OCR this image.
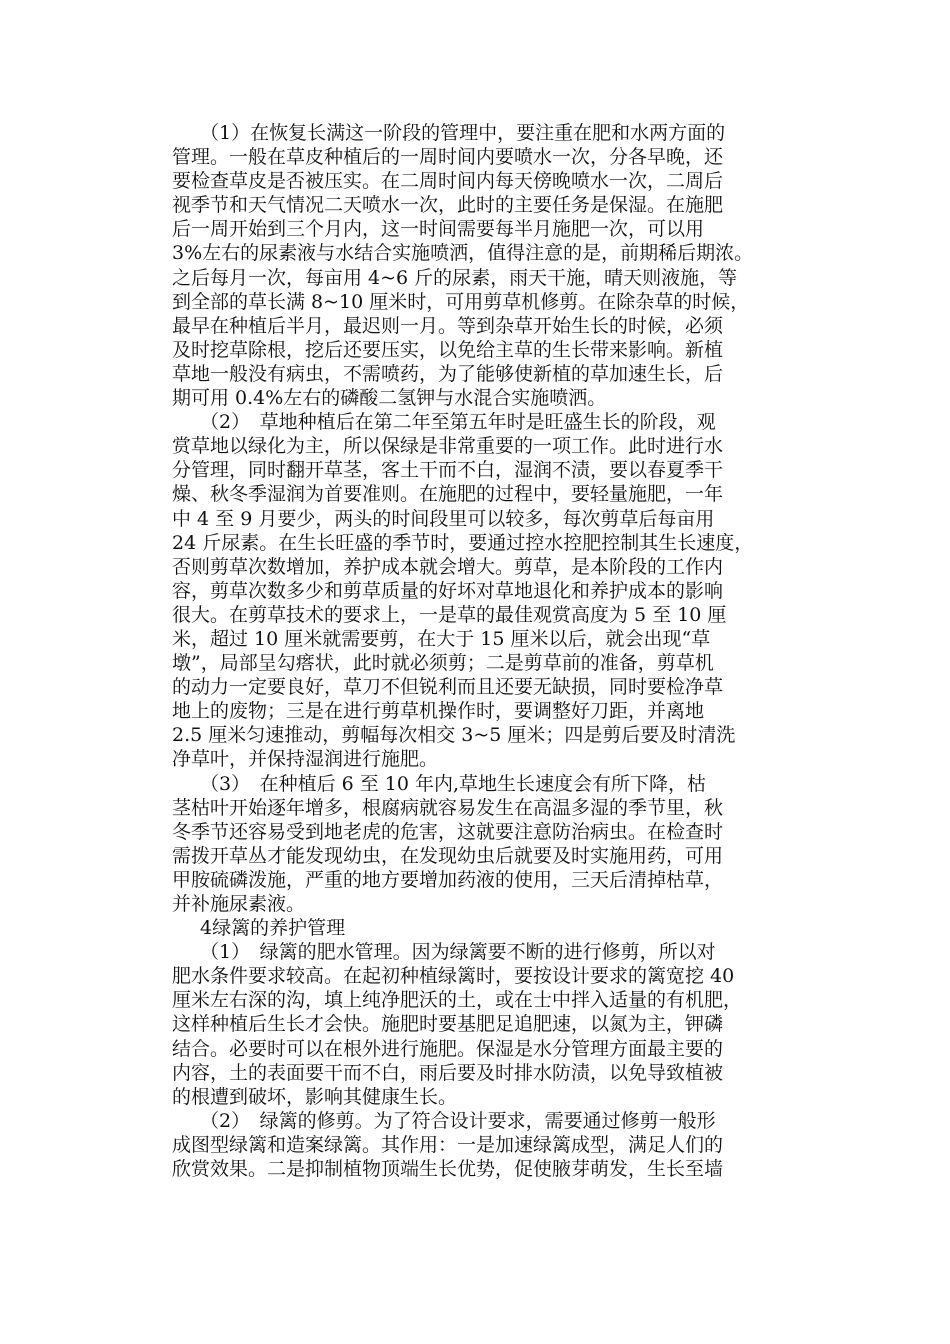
（1）在恢复长满这一阶段的管理中，要注重在肥和水两方面的
管理。一般在草皮种植后的一周时间内要喷水一次，分各早晚，还
要检查草皮是否被压实。在二周时间内每天傍晚喷水一次，二周后
视季节和天气情况二天喷水一次，此时的主要任务是保湿。在施肥
后一周开始到三个月内，这一时间需要每半月施肥一次，可以用
3%左右的尿素液与水结合实施喷洒，值得注意的是，前期稀后期浓。
之后每月一次，每亩用 4~6 斤的尿素，雨天干施，晴天则液施，等
到全部的草长满 8~10 厘米时，可用剪草机修剪。在除杂草的时候，
最早在种植后半月，最迟则一月。等到杂草开始生长的时候，必须
及时挖草除根，挖后还要压实，以免给主草的生长带来影响。新植
草地一般没有病虫，不需喷药，为了能够使新植的草加速生长，后
期可用 0.4%左右的磷酸二氢钾与水混合实施喷洒。
（2）　草地种植后在第二年至第五年时是旺盛生长的阶段，观
赏草地以绿化为主，所以保绿是非常重要的一项工作。此时进行水
分管理，同时翻开草茎，客土干而不白，湿润不渍，要以春夏季干
燥、秋冬季湿润为首要准则。在施肥的过程中，要轻量施肥，一年
中 4 至 9 月要少，两头的时间段里可以较多，每次剪草后每亩用
24 斤尿素。在生长旺盛的季节时，要通过控水控肥控制其生长速度，
否则剪草次数增加，养护成本就会增大。剪草，是本阶段的工作内
容，剪草次数多少和剪草质量的好坏对草地退化和养护成本的影响
很大。在剪草技术的要求上，一是草的最佳观赏高度为 5 至 10 厘
米，超过 10 厘米就需要剪，在大于 15 厘米以后，就会出现“草
墩”，局部呈勾瘩状，此时就必须剪；二是剪草前的准备，剪草机
的动力一定要良好，草刀不但锐利而且还要无缺损，同时要检净草
地上的废物；三是在进行剪草机操作时，要调整好刀距，并离地
2.5 厘米匀速推动，剪幅每次相交 3~5 厘米；四是剪后要及时清洗
净草叶，并保持湿润进行施肥。
（3）　在种植后 6 至 10 年内,草地生长速度会有所下降，枯
茎枯叶开始逐年增多，根腐病就容易发生在高温多湿的季节里，秋
冬季节还容易受到地老虎的危害，这就要注意防治病虫。在检查时
需拨开草丛才能发现幼虫，在发现幼虫后就要及时实施用药，可用
甲胺硫磷泼施，严重的地方要增加药液的使用，三天后清掉枯草，
并补施尿素液。
4绿篱的养护管理
（1）　绿篱的肥水管理。因为绿篱要不断的进行修剪，所以对
肥水条件要求较高。在起初种植绿篱时，要按设计要求的篱宽挖 40
厘米左右深的沟，填上纯净肥沃的土，或在士中拌入适量的有机肥，
这样种植后生长才会快。施肥时要基肥足追肥速，以氮为主，钾磷
结合。必要时可以在根外进行施肥。保湿是水分管理方面最主要的
内容，土的表面要干而不白，雨后要及时排水防渍，以免导致植被
的根遭到破坏，影响其健康生长。
（2）　绿篱的修剪。为了符合设计要求，需要通过修剪一般形
成图型绿篱和造案绿篱。其作用：一是加速绿篱成型，满足人们的
欣赏效果。二是抑制植物顶端生长优势，促使腋芽萌发，生长至墙
